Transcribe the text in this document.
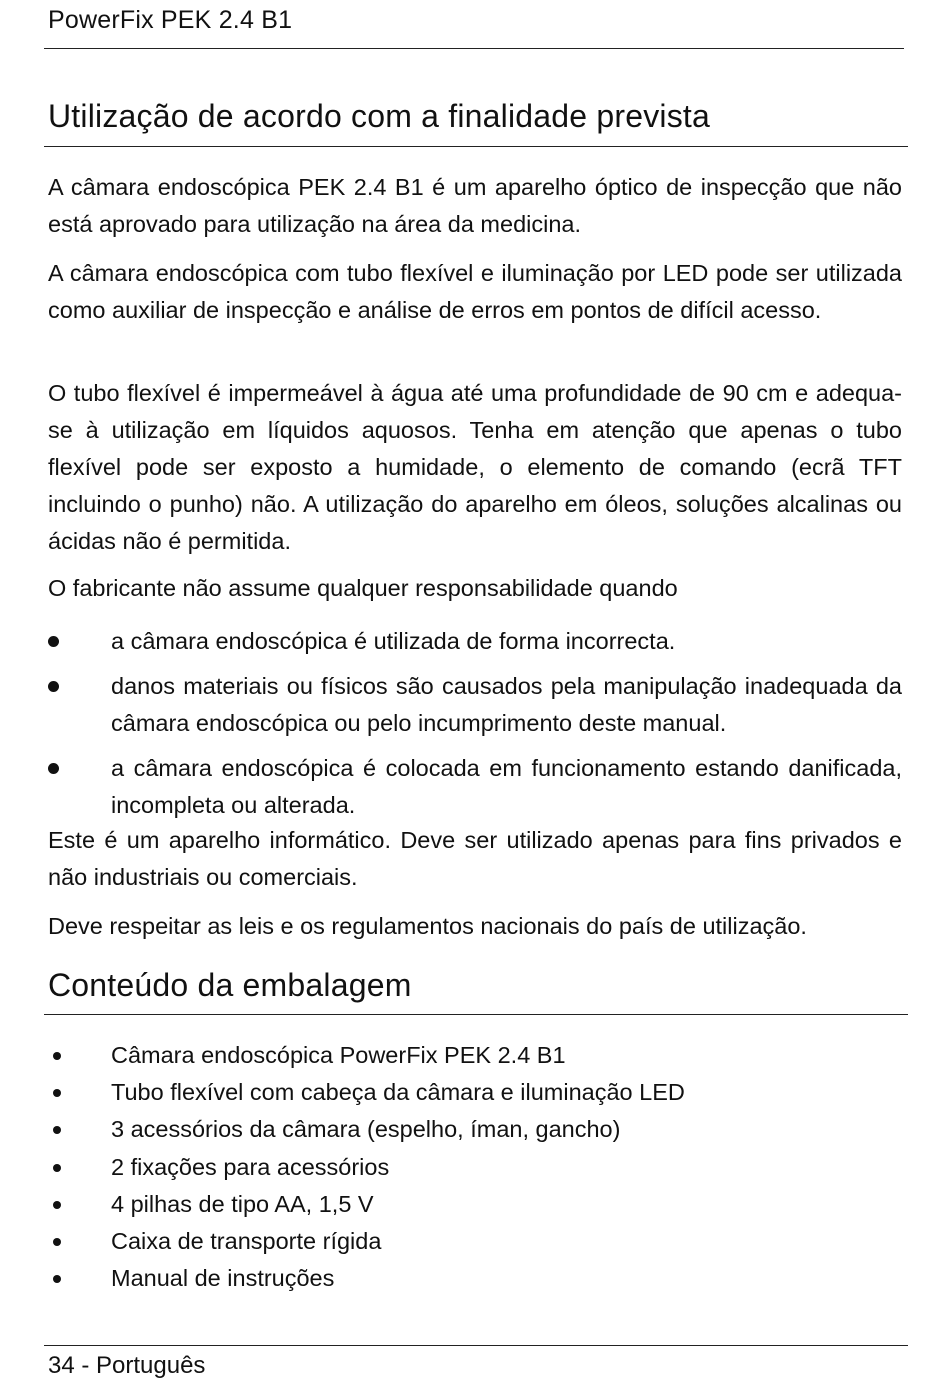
PowerFix PEK 2.4 B1
Utilização de acordo com a finalidade prevista

A câmara endoscópica PEK 2.4 B1 é um aparelho óptico de inspecção que não está aprovado para utilização na área da medicina.

A câmara endoscópica com tubo flexível e iluminação por LED pode ser utilizada como auxiliar de inspecção e análise de erros em pontos de difícil acesso.

O tubo flexível é impermeável à água até uma profundidade de 90 cm e adequa-se à utilização em líquidos aquosos. Tenha em atenção que apenas o tubo flexível pode ser exposto a humidade, o elemento de comando (ecrã TFT incluindo o punho) não. A utilização do aparelho em óleos, soluções alcalinas ou ácidas não é permitida.

O fabricante não assume qualquer responsabilidade quando

a câmara endoscópica é utilizada de forma incorrecta.
danos materiais ou físicos são causados pela manipulação inadequada da câmara endoscópica ou pelo incumprimento deste manual.
a câmara endoscópica é colocada em funcionamento estando danificada, incompleta ou alterada.

Este é um aparelho informático. Deve ser utilizado apenas para fins privados e não industriais ou comerciais.

Deve respeitar as leis e os regulamentos nacionais do país de utilização.

Conteúdo da embalagem
Câmara endoscópica PowerFix PEK 2.4 B1
Tubo flexível com cabeça da câmara e iluminação LED
3 acessórios da câmara (espelho, íman, gancho)
2 fixações para acessórios
4 pilhas de tipo AA, 1,5 V
Caixa de transporte rígida
Manual de instruções
34 - Português
